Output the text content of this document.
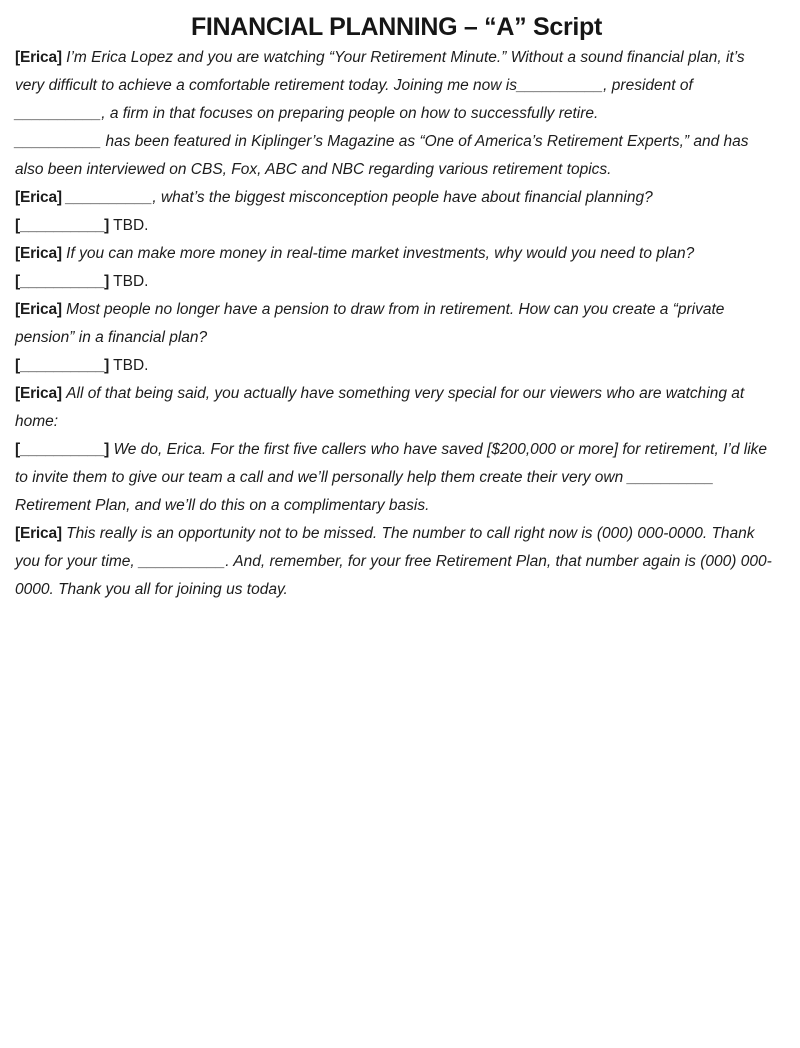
FINANCIAL PLANNING – “A” Script

[Erica] I’m Erica Lopez and you are watching “Your Retirement Minute.” Without a sound financial plan, it’s very difficult to achieve a comfortable retirement today. Joining me now is__________, president of __________, a firm in that focuses on preparing people on how to successfully retire.

__________ has been featured in Kiplinger’s Magazine as “One of America’s Retirement Experts,” and has also been interviewed on CBS, Fox, ABC and NBC regarding various retirement topics.

[Erica] __________, what’s the biggest misconception people have about financial planning?

[__________] TBD.

[Erica] If you can make more money in real-time market investments, why would you need to plan?

[__________] TBD.

[Erica] Most people no longer have a pension to draw from in retirement. How can you create a “private pension” in a financial plan?

[__________] TBD.

[Erica] All of that being said, you actually have something very special for our viewers who are watching at home:

[__________] We do, Erica. For the first five callers who have saved [$200,000 or more] for retirement, I’d like to invite them to give our team a call and we’ll personally help them create their very own __________ Retirement Plan, and we’ll do this on a complimentary basis.

[Erica] This really is an opportunity not to be missed. The number to call right now is (000) 000-0000. Thank you for your time, __________. And, remember, for your free Retirement Plan, that number again is (000) 000-0000. Thank you all for joining us today.
